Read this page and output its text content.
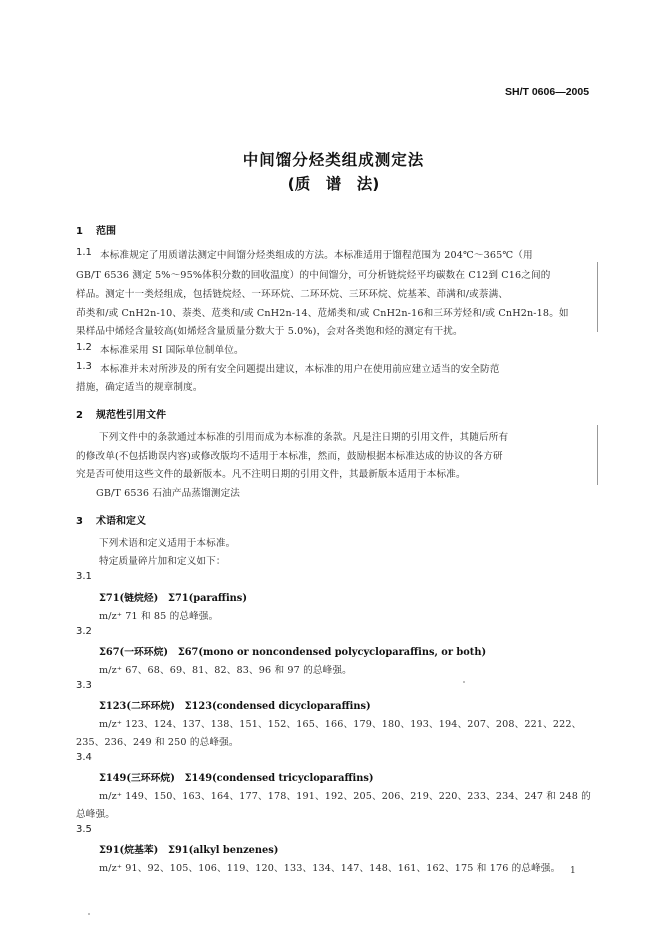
SH/T 0606—2005
中间馏分烃类组成测定法
(质　谱　法)
1 范围
1.1 本标准规定了用质谱法测定中间馏分烃类组成的方法。本标准适用于馏程范围为 204℃～365℃（用
GB/T 6536 测定 5%～95%体积分数的回收温度）的中间馏分，可分析链烷烃平均碳数在 C12到 C16之间的
样品。测定十一类烃组成，包括链烷烃、一环环烷、二环环烷、三环环烷、烷基苯、茚满和/或萘满、
茚类和/或 CnH2n-10、萘类、苊类和/或 CnH2n-14、苊烯类和/或 CnH2n-16和三环芳烃和/或 CnH2n-18。如
果样品中烯烃含量较高(如烯烃含量质量分数大于 5.0%)，会对各类饱和烃的测定有干扰。
1.2 本标准采用 SI 国际单位制单位。
1.3 本标准并未对所涉及的所有安全问题提出建议，本标准的用户在使用前应建立适当的安全防范
措施，确定适当的规章制度。
2 规范性引用文件
下列文件中的条款通过本标准的引用而成为本标准的条款。凡是注日期的引用文件，其随后所有
的修改单(不包括勘误内容)或修改版均不适用于本标准，然而，鼓励根据本标准达成的协议的各方研
究是否可使用这些文件的最新版本。凡不注明日期的引用文件，其最新版本适用于本标准。
GB/T 6536 石油产品蒸馏测定法
3 术语和定义
下列术语和定义适用于本标准。
特定质量碎片加和定义如下：
3.1
Σ71(链烷烃)　Σ71(paraffins)
m/z⁺ 71 和 85 的总峰强。
3.2
Σ67(一环环烷)　Σ67(mono or noncondensed polycycloparaffins, or both)
m/z⁺ 67、68、69、81、82、83、96 和 97 的总峰强。
3.3
Σ123(二环环烷)　Σ123(condensed dicycloparaffins)
m/z⁺ 123、124、137、138、151、152、165、166、179、180、193、194、207、208、221、222、
235、236、249 和 250 的总峰强。
3.4
Σ149(三环环烷)　Σ149(condensed tricycloparaffins)
m/z⁺ 149、150、163、164、177、178、191、192、205、206、219、220、233、234、247 和 248 的
总峰强。
3.5
Σ91(烷基苯)　Σ91(alkyl benzenes)
m/z⁺ 91、92、105、106、119、120、133、134、147、148、161、162、175 和 176 的总峰强。 1
